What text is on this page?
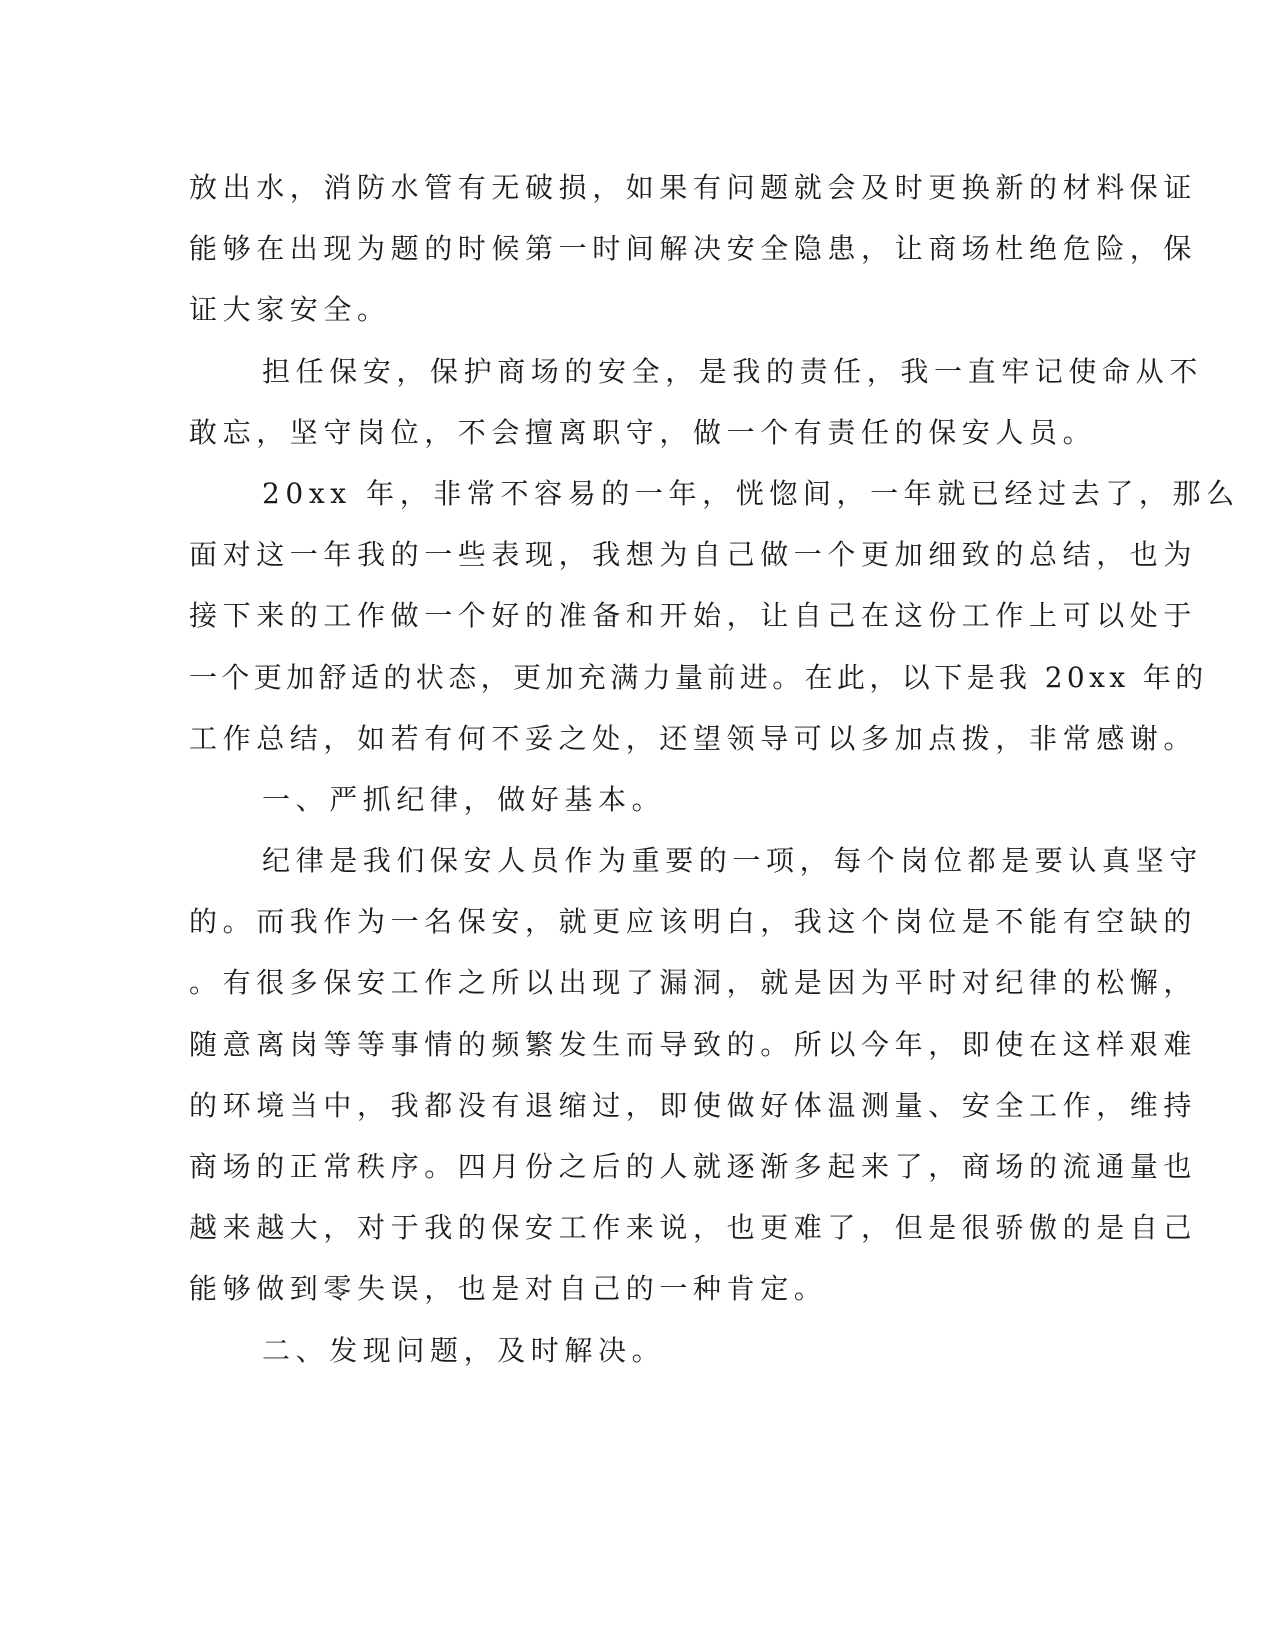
放出水，消防水管有无破损，如果有问题就会及时更换新的材料保证
能够在出现为题的时候第一时间解决安全隐患，让商场杜绝危险，保
证大家安全。
担任保安，保护商场的安全，是我的责任，我一直牢记使命从不
敢忘，坚守岗位，不会擅离职守，做一个有责任的保安人员。
20xx 年，非常不容易的一年，恍惚间，一年就已经过去了，那么
面对这一年我的一些表现，我想为自己做一个更加细致的总结，也为
接下来的工作做一个好的准备和开始，让自己在这份工作上可以处于
一个更加舒适的状态，更加充满力量前进。在此，以下是我 20xx 年的
工作总结，如若有何不妥之处，还望领导可以多加点拨，非常感谢。
一、严抓纪律，做好基本。
纪律是我们保安人员作为重要的一项，每个岗位都是要认真坚守
的。而我作为一名保安，就更应该明白，我这个岗位是不能有空缺的
。有很多保安工作之所以出现了漏洞，就是因为平时对纪律的松懈，
随意离岗等等事情的频繁发生而导致的。所以今年，即使在这样艰难
的环境当中，我都没有退缩过，即使做好体温测量、安全工作，维持
商场的正常秩序。四月份之后的人就逐渐多起来了，商场的流通量也
越来越大，对于我的保安工作来说，也更难了，但是很骄傲的是自己
能够做到零失误，也是对自己的一种肯定。
二、发现问题，及时解决。
